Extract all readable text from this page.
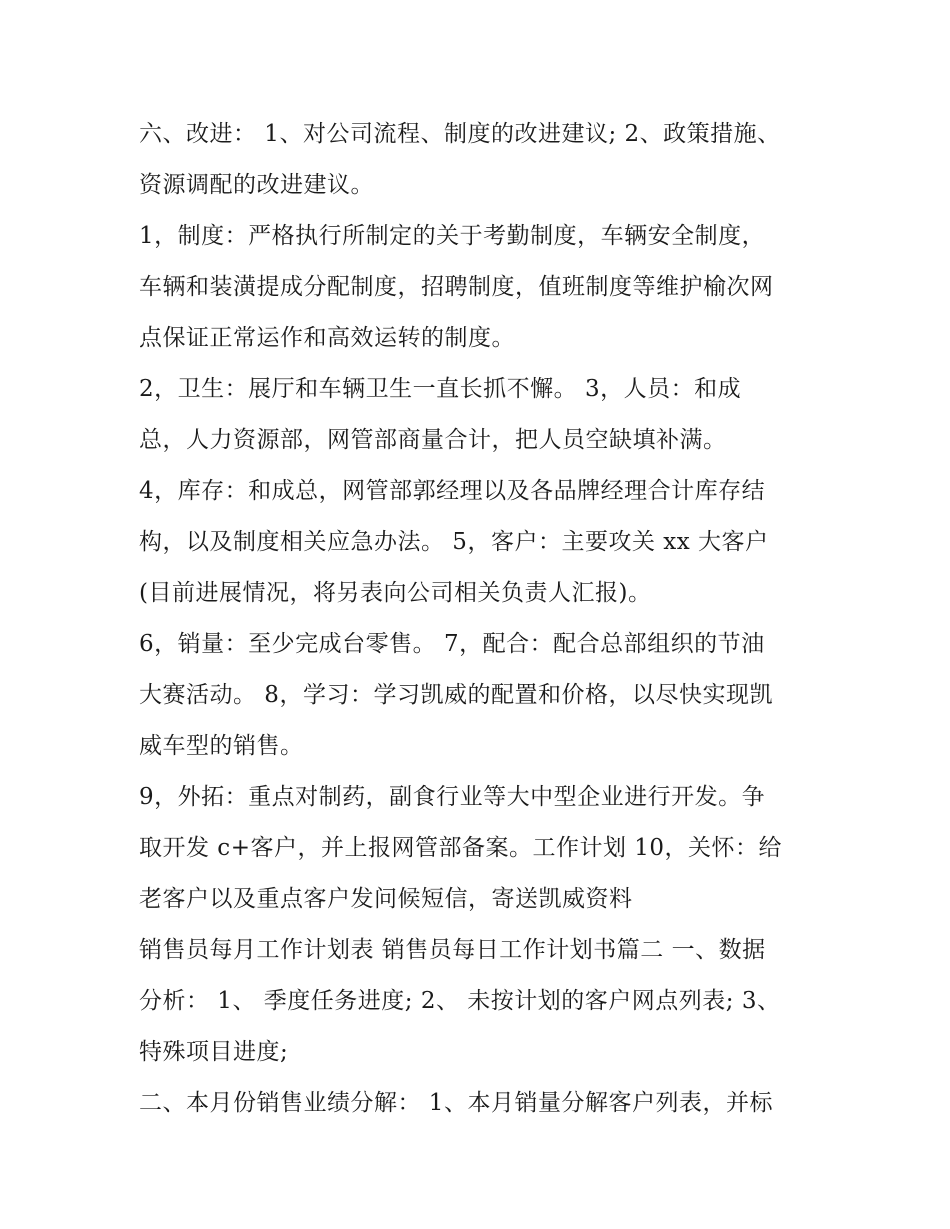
六、改进： 1、对公司流程、制度的改进建议; 2、政策措施、
资源调配的改进建议。
1，制度：严格执行所制定的关于考勤制度，车辆安全制度，
车辆和装潢提成分配制度，招聘制度，值班制度等维护榆次网
点保证正常运作和高效运转的制度。
2，卫生：展厅和车辆卫生一直长抓不懈。 3，人员：和成
总，人力资源部，网管部商量合计，把人员空缺填补满。
4，库存：和成总，网管部郭经理以及各品牌经理合计库存结
构，以及制度相关应急办法。 5，客户：主要攻关 xx 大客户
(目前进展情况，将另表向公司相关负责人汇报)。
6，销量：至少完成台零售。 7，配合：配合总部组织的节油
大赛活动。 8，学习：学习凯威的配置和价格，以尽快实现凯
威车型的销售。
9，外拓：重点对制药，副食行业等大中型企业进行开发。争
取开发 c+客户，并上报网管部备案。工作计划 10，关怀：给
老客户以及重点客户发问候短信，寄送凯威资料
销售员每月工作计划表 销售员每日工作计划书篇二 一、数据
分析： 1、 季度任务进度; 2、 未按计划的客户网点列表; 3、
特殊项目进度;
二、本月份销售业绩分解： 1、本月销量分解客户列表，并标
